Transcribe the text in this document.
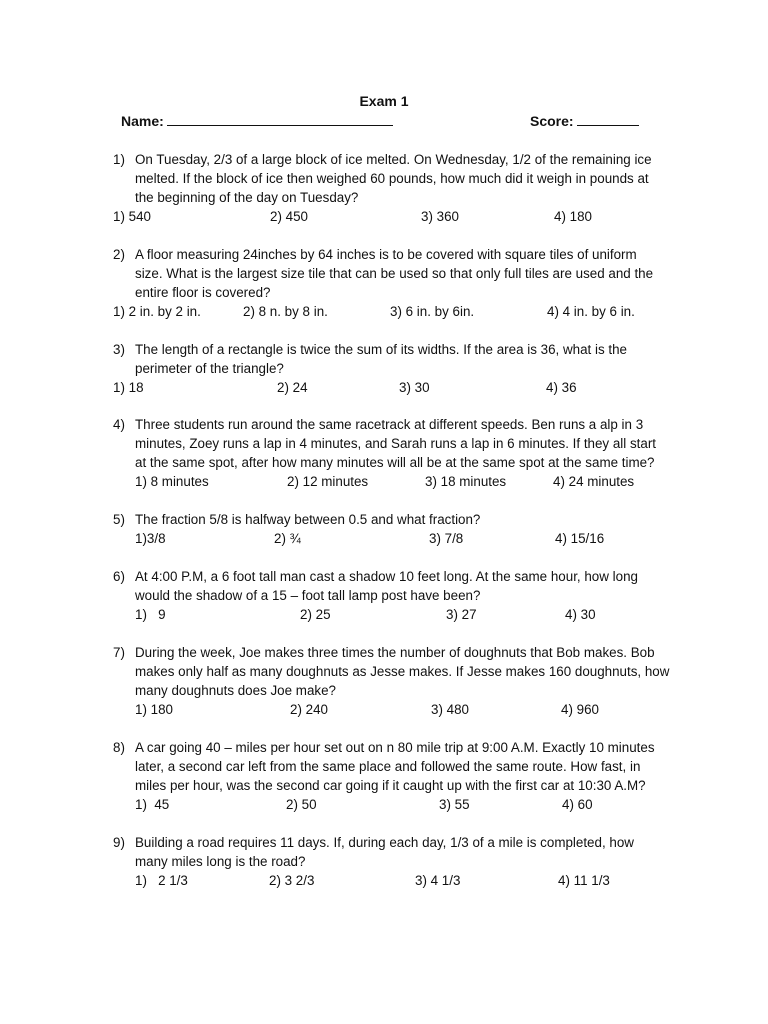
Exam 1
Name:	Score:
1) On Tuesday, 2/3 of a large block of ice melted. On Wednesday, 1/2 of the remaining ice
melted. If the block of ice then weighed 60 pounds, how much did it weigh in pounds at
the beginning of the day on Tuesday?
1) 540	2) 450	3) 360	4) 180
2) A floor measuring 24inches by 64 inches is to be covered with square tiles of uniform
size. What is the largest size tile that can be used so that only full tiles are used and the
entire floor is covered?
1) 2 in. by 2 in.	2) 8 n. by 8 in.	3) 6 in. by 6in.	4) 4 in. by 6 in.
3) The length of a rectangle is twice the sum of its widths. If the area is 36, what is the
perimeter of the triangle?
1) 18	2) 24	3) 30	4) 36
4) Three students run around the same racetrack at different speeds. Ben runs a alp in 3
minutes, Zoey runs a lap in 4 minutes, and Sarah runs a lap in 6 minutes. If they all start
at the same spot, after how many minutes will all be at the same spot at the same time?
1) 8 minutes	2) 12 minutes	3) 18 minutes	4) 24 minutes
5) The fraction 5/8 is halfway between 0.5 and what fraction?
1)3/8	2) ¾	3) 7/8	4) 15/16
6) At 4:00 P.M, a 6 foot tall man cast a shadow 10 feet long. At the same hour, how long
would the shadow of a 15 – foot tall lamp post have been?
1)   9	2) 25	3) 27	4) 30
7) During the week, Joe makes three times the number of doughnuts that Bob makes. Bob
makes only half as many doughnuts as Jesse makes. If Jesse makes 160 doughnuts, how
many doughnuts does Joe make?
1) 180	2) 240	3) 480	4) 960
8) A car going 40 – miles per hour set out on n 80 mile trip at 9:00 A.M. Exactly 10 minutes
later, a second car left from the same place and followed the same route. How fast, in
miles per hour, was the second car going if it caught up with the first car at 10:30 A.M?
1)  45	2) 50	3) 55	4) 60
9) Building a road requires 11 days. If, during each day, 1/3 of a mile is completed, how
many miles long is the road?
1)   2 1/3	2) 3 2/3	3) 4 1/3	4) 11 1/3
